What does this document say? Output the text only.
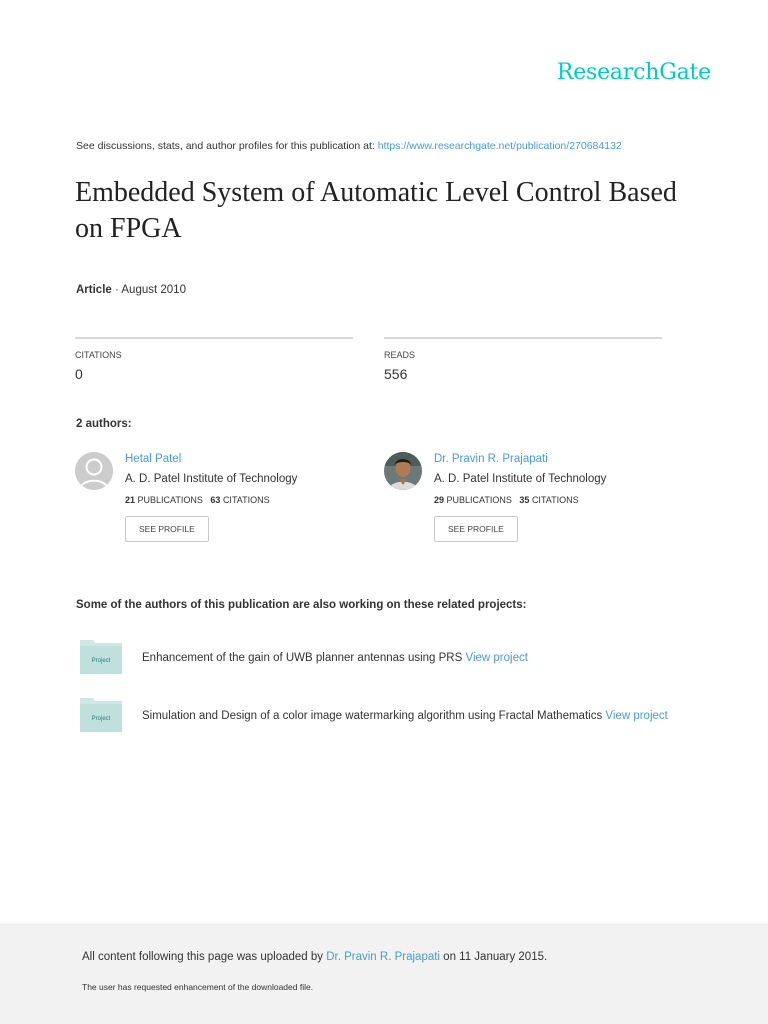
ResearchGate
See discussions, stats, and author profiles for this publication at: https://www.researchgate.net/publication/270684132
Embedded System of Automatic Level Control Based on FPGA
Article · August 2010
CITATIONS
0
READS
556
2 authors:
Hetal Patel
A. D. Patel Institute of Technology
21 PUBLICATIONS 63 CITATIONS
SEE PROFILE
Dr. Pravin R. Prajapati
A. D. Patel Institute of Technology
29 PUBLICATIONS 35 CITATIONS
SEE PROFILE
Some of the authors of this publication are also working on these related projects:
Project	Enhancement of the gain of UWB planner antennas using PRS View project
Project	Simulation and Design of a color image watermarking algorithm using Fractal Mathematics View project
All content following this page was uploaded by Dr. Pravin R. Prajapati on 11 January 2015.
The user has requested enhancement of the downloaded file.
